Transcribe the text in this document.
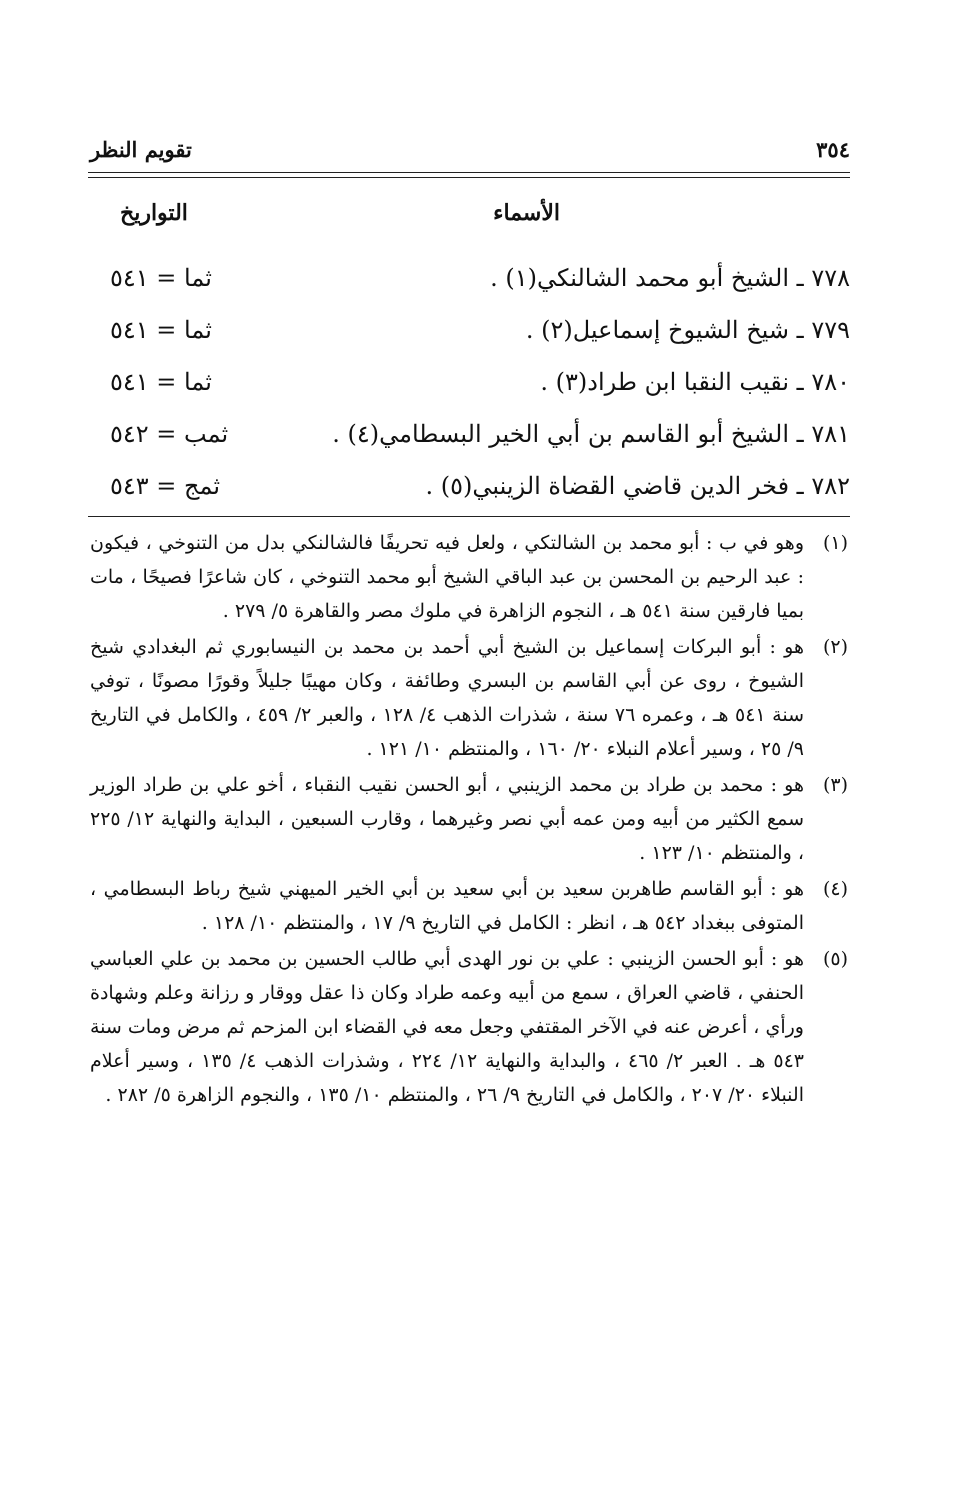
٣٥٤
تقويم النظر
الأسماء
التواريخ
٧٧٨ ـ الشيخ أبو محمد الشالنكي(١) .
ثما = ٥٤١
٧٧٩ ـ شيخ الشيوخ إسماعيل(٢) .
ثما = ٥٤١
٧٨٠ ـ نقيب النقبا ابن طراد(٣) .
ثما = ٥٤١
٧٨١ ـ الشيخ أبو القاسم بن أبي الخير البسطامي(٤) .
ثمب = ٥٤٢
٧٨٢ ـ فخر الدين قاضي القضاة الزينبي(٥) .
ثمج = ٥٤٣
(١)
وهو في ب : أبو محمد بن الشالتكي ، ولعل فيه تحريفًا فالشالنكي بدل من التنوخي ، فيكون : عبد الرحيم بن المحسن بن عبد الباقي الشيخ أبو محمد التنوخي ، كان شاعرًا فصيحًا ، مات بميا فارقين سنة ٥٤١ هـ ، النجوم الزاهرة في ملوك مصر والقاهرة ٥/ ٢٧٩ .
(٢)
هو : أبو البركات إسماعيل بن الشيخ أبي أحمد بن محمد بن النيسابوري ثم البغدادي شيخ الشيوخ ، روى عن أبي القاسم بن البسري وطائفة ، وكان مهيبًا جليلاً وقورًا مصونًا ، توفي سنة ٥٤١ هـ ، وعمره ٧٦ سنة ، شذرات الذهب ٤/ ١٢٨ ، والعبر ٢/ ٤٥٩ ، والكامل في التاريخ ٩/ ٢٥ ، وسير أعلام النبلاء ٢٠/ ١٦٠ ، والمنتظم ١٠/ ١٢١ .
(٣)
هو : محمد بن طراد بن محمد الزينبي ، أبو الحسن نقيب النقباء ، أخو علي بن طراد الوزير سمع الكثير من أبيه ومن عمه أبي نصر وغيرهما ، وقارب السبعين ، البداية والنهاية ١٢/ ٢٢٥ ، والمنتظم ١٠/ ١٢٣ .
(٤)
هو : أبو القاسم طاهربن سعيد بن أبي سعيد بن أبي الخير الميهني شيخ رباط البسطامي ، المتوفى ببغداد ٥٤٢ هـ ، انظر : الكامل في التاريخ ٩/ ١٧ ، والمنتظم ١٠/ ١٢٨ .
(٥)
هو : أبو الحسن الزينبي : علي بن نور الهدى أبي طالب الحسين بن محمد بن علي العباسي الحنفي ، قاضي العراق ، سمع من أبيه وعمه طراد وكان ذا عقل ووقار و رزانة وعلم وشهادة ورأي ، أعرض عنه في الآخر المقتفي وجعل معه في القضاء ابن المزحم ثم مرض ومات سنة ٥٤٣ هـ . العبر ٢/ ٤٦٥ ، والبداية والنهاية ١٢/ ٢٢٤ ، وشذرات الذهب ٤/ ١٣٥ ، وسير أعلام النبلاء ٢٠/ ٢٠٧ ، والكامل في التاريخ ٩/ ٢٦ ، والمنتظم ١٠/ ١٣٥ ، والنجوم الزاهرة ٥/ ٢٨٢ .
